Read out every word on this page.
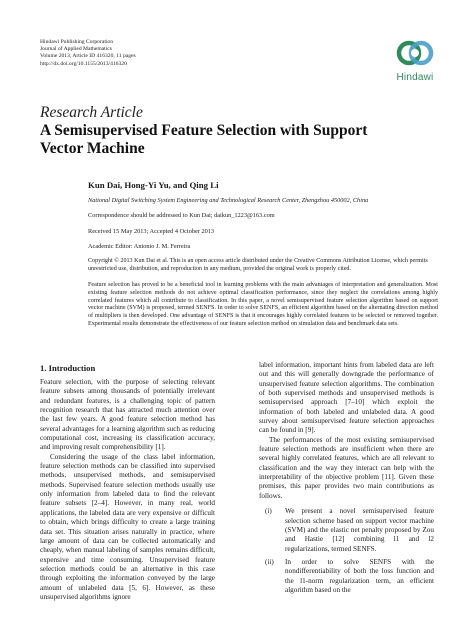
Hindawi Publishing Corporation
Journal of Applied Mathematics
Volume 2013, Article ID 416320, 11 pages
http://dx.doi.org/10.1155/2013/416320
Hindawi
Research Article
A Semisupervised Feature Selection with Support Vector Machine
Kun Dai, Hong-Yi Yu, and Qing Li
National Digital Switching System Engineering and Technological Research Center, Zhengzhou 450002, China
Correspondence should be addressed to Kun Dai; daikun_1223@163.com
Received 15 May 2013; Accepted 4 October 2013
Academic Editor: Antonio J. M. Ferreira
Copyright © 2013 Kun Dai et al. This is an open access article distributed under the Creative Commons Attribution License, which permits unrestricted use, distribution, and reproduction in any medium, provided the original work is properly cited.
Feature selection has proved to be a beneficial tool in learning problems with the main advantages of interpretation and generalization. Most existing feature selection methods do not achieve optimal classification performance, since they neglect the correlations among highly correlated features which all contribute to classification. In this paper, a novel semisupervised feature selection algorithm based on support vector machine (SVM) is proposed, termed SENFS. In order to solve SENFS, an efficient algorithm based on the alternating direction method of multipliers is then developed. One advantage of SENFS is that it encourages highly correlated features to be selected or removed together. Experimental results demonstrate the effectiveness of our feature selection method on simulation data and benchmark data sets.
1. Introduction

Feature selection, with the purpose of selecting relevant feature subsets among thousands of potentially irrelevant and redundant features, is a challenging topic of pattern recognition research that has attracted much attention over the last few years. A good feature selection method has several advantages for a learning algorithm such as reducing computational cost, increasing its classification accuracy, and improving result comprehensibility [1].

Considering the usage of the class label information, feature selection methods can be classified into supervised methods, unsupervised methods, and semisupervised methods. Supervised feature selection methods usually use only information from labeled data to find the relevant feature subsets [2–4]. However, in many real, world applications, the labeled data are very expensive or difficult to obtain, which brings difficulty to create a large training data set. This situation arises naturally in practice, where large amount of data can be collected automatically and cheaply, when manual labeling of samples remains difficult, expensive and time consuming. Unsupervised feature selection methods could be an alternative in this case through exploiting the information conveyed by the large amount of unlabeled data [5, 6]. However, as these unsupervised algorithms ignore

label information, important hints from labeled data are left out and this will generally downgrade the performance of unsupervised feature selection algorithms. The combination of both supervised methods and unsupervised methods is semisupervised approach [7–10] which exploit the information of both labeled and unlabeled data. A good survey about semisupervised feature selection approaches can be found in [9].

The performances of the most existing semisupervised feature selection methods are insufficient when there are several highly correlated features, which are all relevant to classification and the way they interact can help with the interpretability of the objective problem [11]. Given these premises, this paper provides two main contributions as follows.

(i)	We present a novel semisupervised feature selection scheme based on support vector machine (SVM) and the elastic net penalty proposed by Zou and Hastie [12] combining l1 and l2 regularizations, termed SENFS.
(ii)	In order to solve SENFS with the nondifferentiability of both the loss function and the l1-norm regularization term, an efficient algorithm based on the
